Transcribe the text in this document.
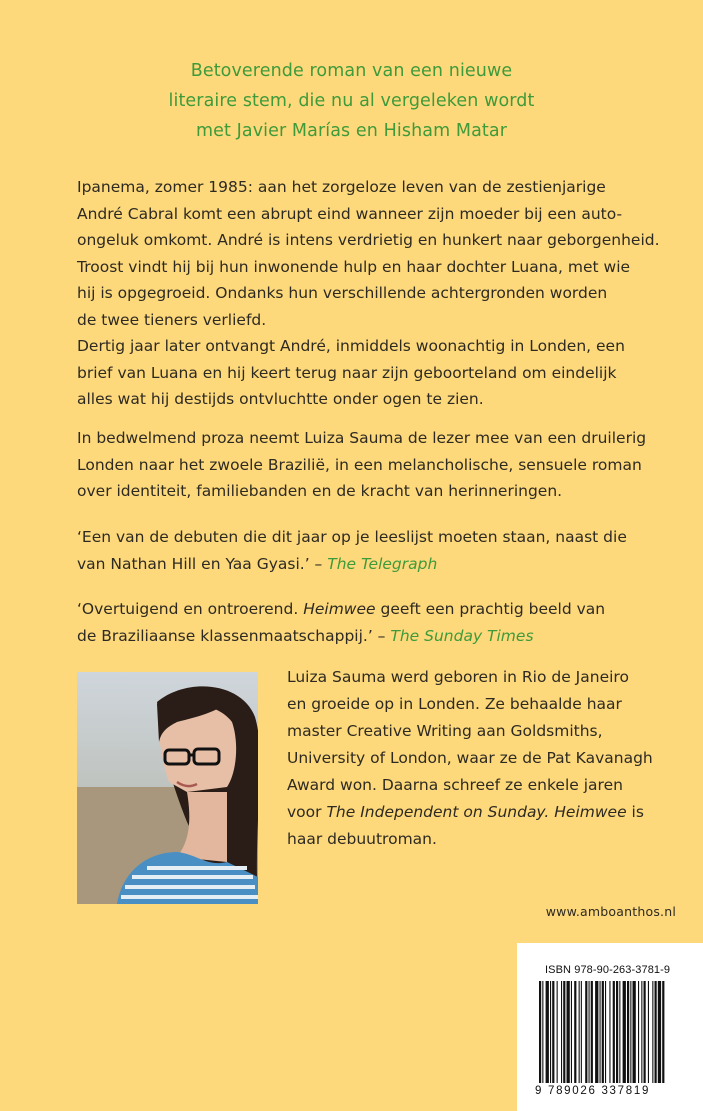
Betoverende roman van een nieuwe
literaire stem, die nu al vergeleken wordt
met Javier Marías en Hisham Matar
Ipanema, zomer 1985: aan het zorgeloze leven van de zestienjarige
André Cabral komt een abrupt eind wanneer zijn moeder bij een auto-
ongeluk omkomt. André is intens verdrietig en hunkert naar geborgenheid.
Troost vindt hij bij hun inwonende hulp en haar dochter Luana, met wie
hij is opgegroeid. Ondanks hun verschillende achtergronden worden
de twee tieners verliefd.
Dertig jaar later ontvangt André, inmiddels woonachtig in Londen, een
brief van Luana en hij keert terug naar zijn geboorteland om eindelijk
alles wat hij destijds ontvluchtte onder ogen te zien.
In bedwelmend proza neemt Luiza Sauma de lezer mee van een druilerig
Londen naar het zwoele Brazilië, in een melancholische, sensuele roman
over identiteit, familiebanden en de kracht van herinneringen.
‘Een van de debuten die dit jaar op je leeslijst moeten staan, naast die
van Nathan Hill en Yaa Gyasi.’ – The Telegraph
‘Overtuigend en ontroerend. Heimwee geeft een prachtig beeld van
de Braziliaanse klassenmaatschappij.’ – The Sunday Times
Luiza Sauma werd geboren in Rio de Janeiro
en groeide op in Londen. Ze behaalde haar
master Creative Writing aan Goldsmiths,
University of London, waar ze de Pat Kavanagh
Award won. Daarna schreef ze enkele jaren
voor The Independent on Sunday. Heimwee is
haar debuutroman.
www.amboanthos.nl
ISBN 978-90-263-3781-9
9 789026 337819
